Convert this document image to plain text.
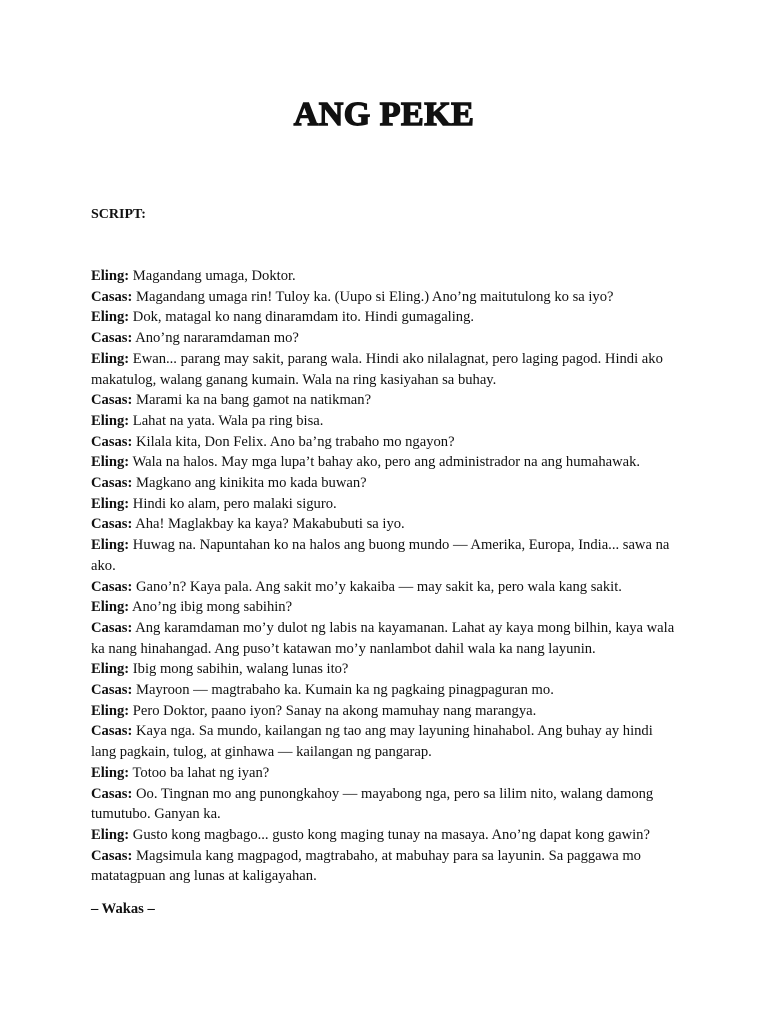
ANG PEKE
SCRIPT:

Eling: Magandang umaga, Doktor.

Casas: Magandang umaga rin! Tuloy ka. (Uupo si Eling.) Ano’ng maitutulong ko sa iyo?

Eling: Dok, matagal ko nang dinaramdam ito. Hindi gumagaling.

Casas: Ano’ng nararamdaman mo?

Eling: Ewan... parang may sakit, parang wala. Hindi ako nilalagnat, pero laging pagod. Hindi ako makatulog, walang ganang kumain. Wala na ring kasiyahan sa buhay.

Casas: Marami ka na bang gamot na natikman?

Eling: Lahat na yata. Wala pa ring bisa.

Casas: Kilala kita, Don Felix. Ano ba’ng trabaho mo ngayon?

Eling: Wala na halos. May mga lupa’t bahay ako, pero ang administrador na ang humahawak.

Casas: Magkano ang kinikita mo kada buwan?

Eling: Hindi ko alam, pero malaki siguro.

Casas: Aha! Maglakbay ka kaya? Makabubuti sa iyo.

Eling: Huwag na. Napuntahan ko na halos ang buong mundo — Amerika, Europa, India... sawa na ako.

Casas: Gano’n? Kaya pala. Ang sakit mo’y kakaiba — may sakit ka, pero wala kang sakit.

Eling: Ano’ng ibig mong sabihin?

Casas: Ang karamdaman mo’y dulot ng labis na kayamanan. Lahat ay kaya mong bilhin, kaya wala ka nang hinahangad. Ang puso’t katawan mo’y nanlambot dahil wala ka nang layunin.

Eling: Ibig mong sabihin, walang lunas ito?

Casas: Mayroon — magtrabaho ka. Kumain ka ng pagkaing pinagpaguran mo.

Eling: Pero Doktor, paano iyon? Sanay na akong mamuhay nang marangya.

Casas: Kaya nga. Sa mundo, kailangan ng tao ang may layuning hinahabol. Ang buhay ay hindi lang pagkain, tulog, at ginhawa — kailangan ng pangarap.

Eling: Totoo ba lahat ng iyan?

Casas: Oo. Tingnan mo ang punongkahoy — mayabong nga, pero sa lilim nito, walang damong tumutubo. Ganyan ka.

Eling: Gusto kong magbago... gusto kong maging tunay na masaya. Ano’ng dapat kong gawin?

Casas: Magsimula kang magpagod, magtrabaho, at mabuhay para sa layunin. Sa paggawa mo matatagpuan ang lunas at kaligayahan.

– Wakas –
